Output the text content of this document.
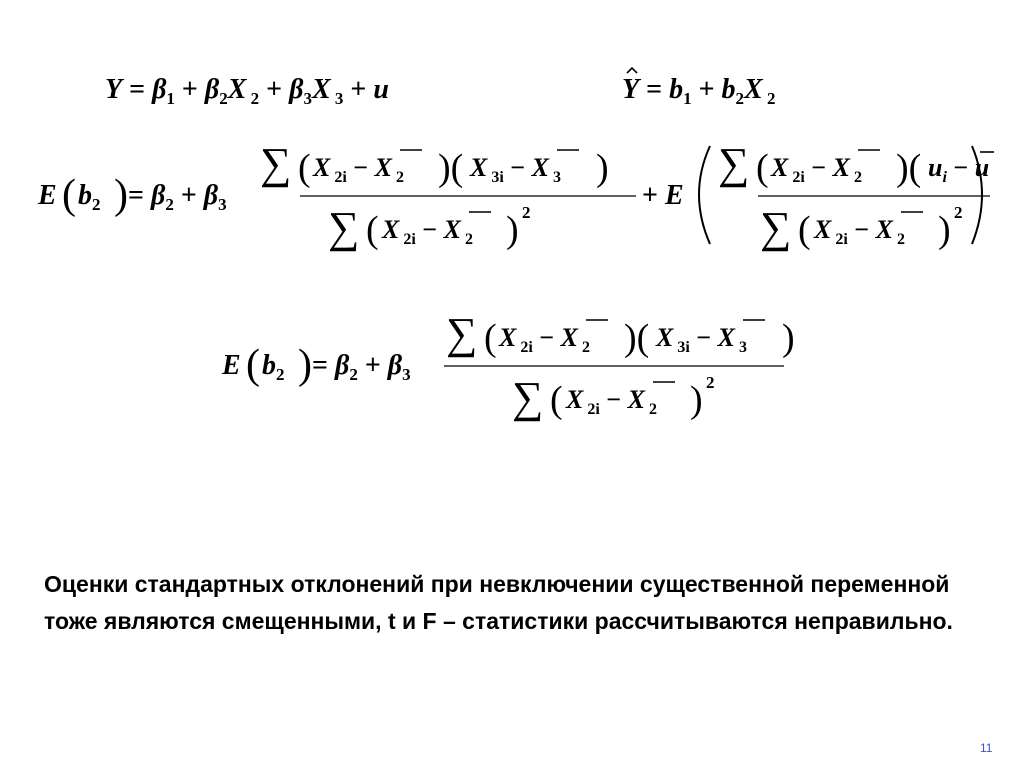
$Y = \beta_1 + \beta_2X$ $_2 + \beta_3X$ $_3$ + u	$Y = b_1 + b_2X$ $_2$
E ( $b_2$ ) = $\beta_2 + \beta_3$
∑ ( X $_{2i}$ − X $_2$ )( X $_{3i}$ − X $_3$ )
∑ ( X $_{2i}$ − X $_2$ ) 2
+ E
∑ ( X $_{2i}$ − X $_2$ )( $u_i - u$
∑ ( X $_{2i}$ − X $_2$ ) 2
E ( $b_2$ ) = $\beta_2 + \beta_3$
∑ ( X $_{2i}$ − X $_2$ )( X $_{3i}$ − X $_3$ )
∑ ( X $_{2i}$ − X $_2$ ) 2
Оценки стандартных отклонений при невключении существенной переменной тоже являются смещенными, t и F – статистики рассчитываются неправильно.
11
